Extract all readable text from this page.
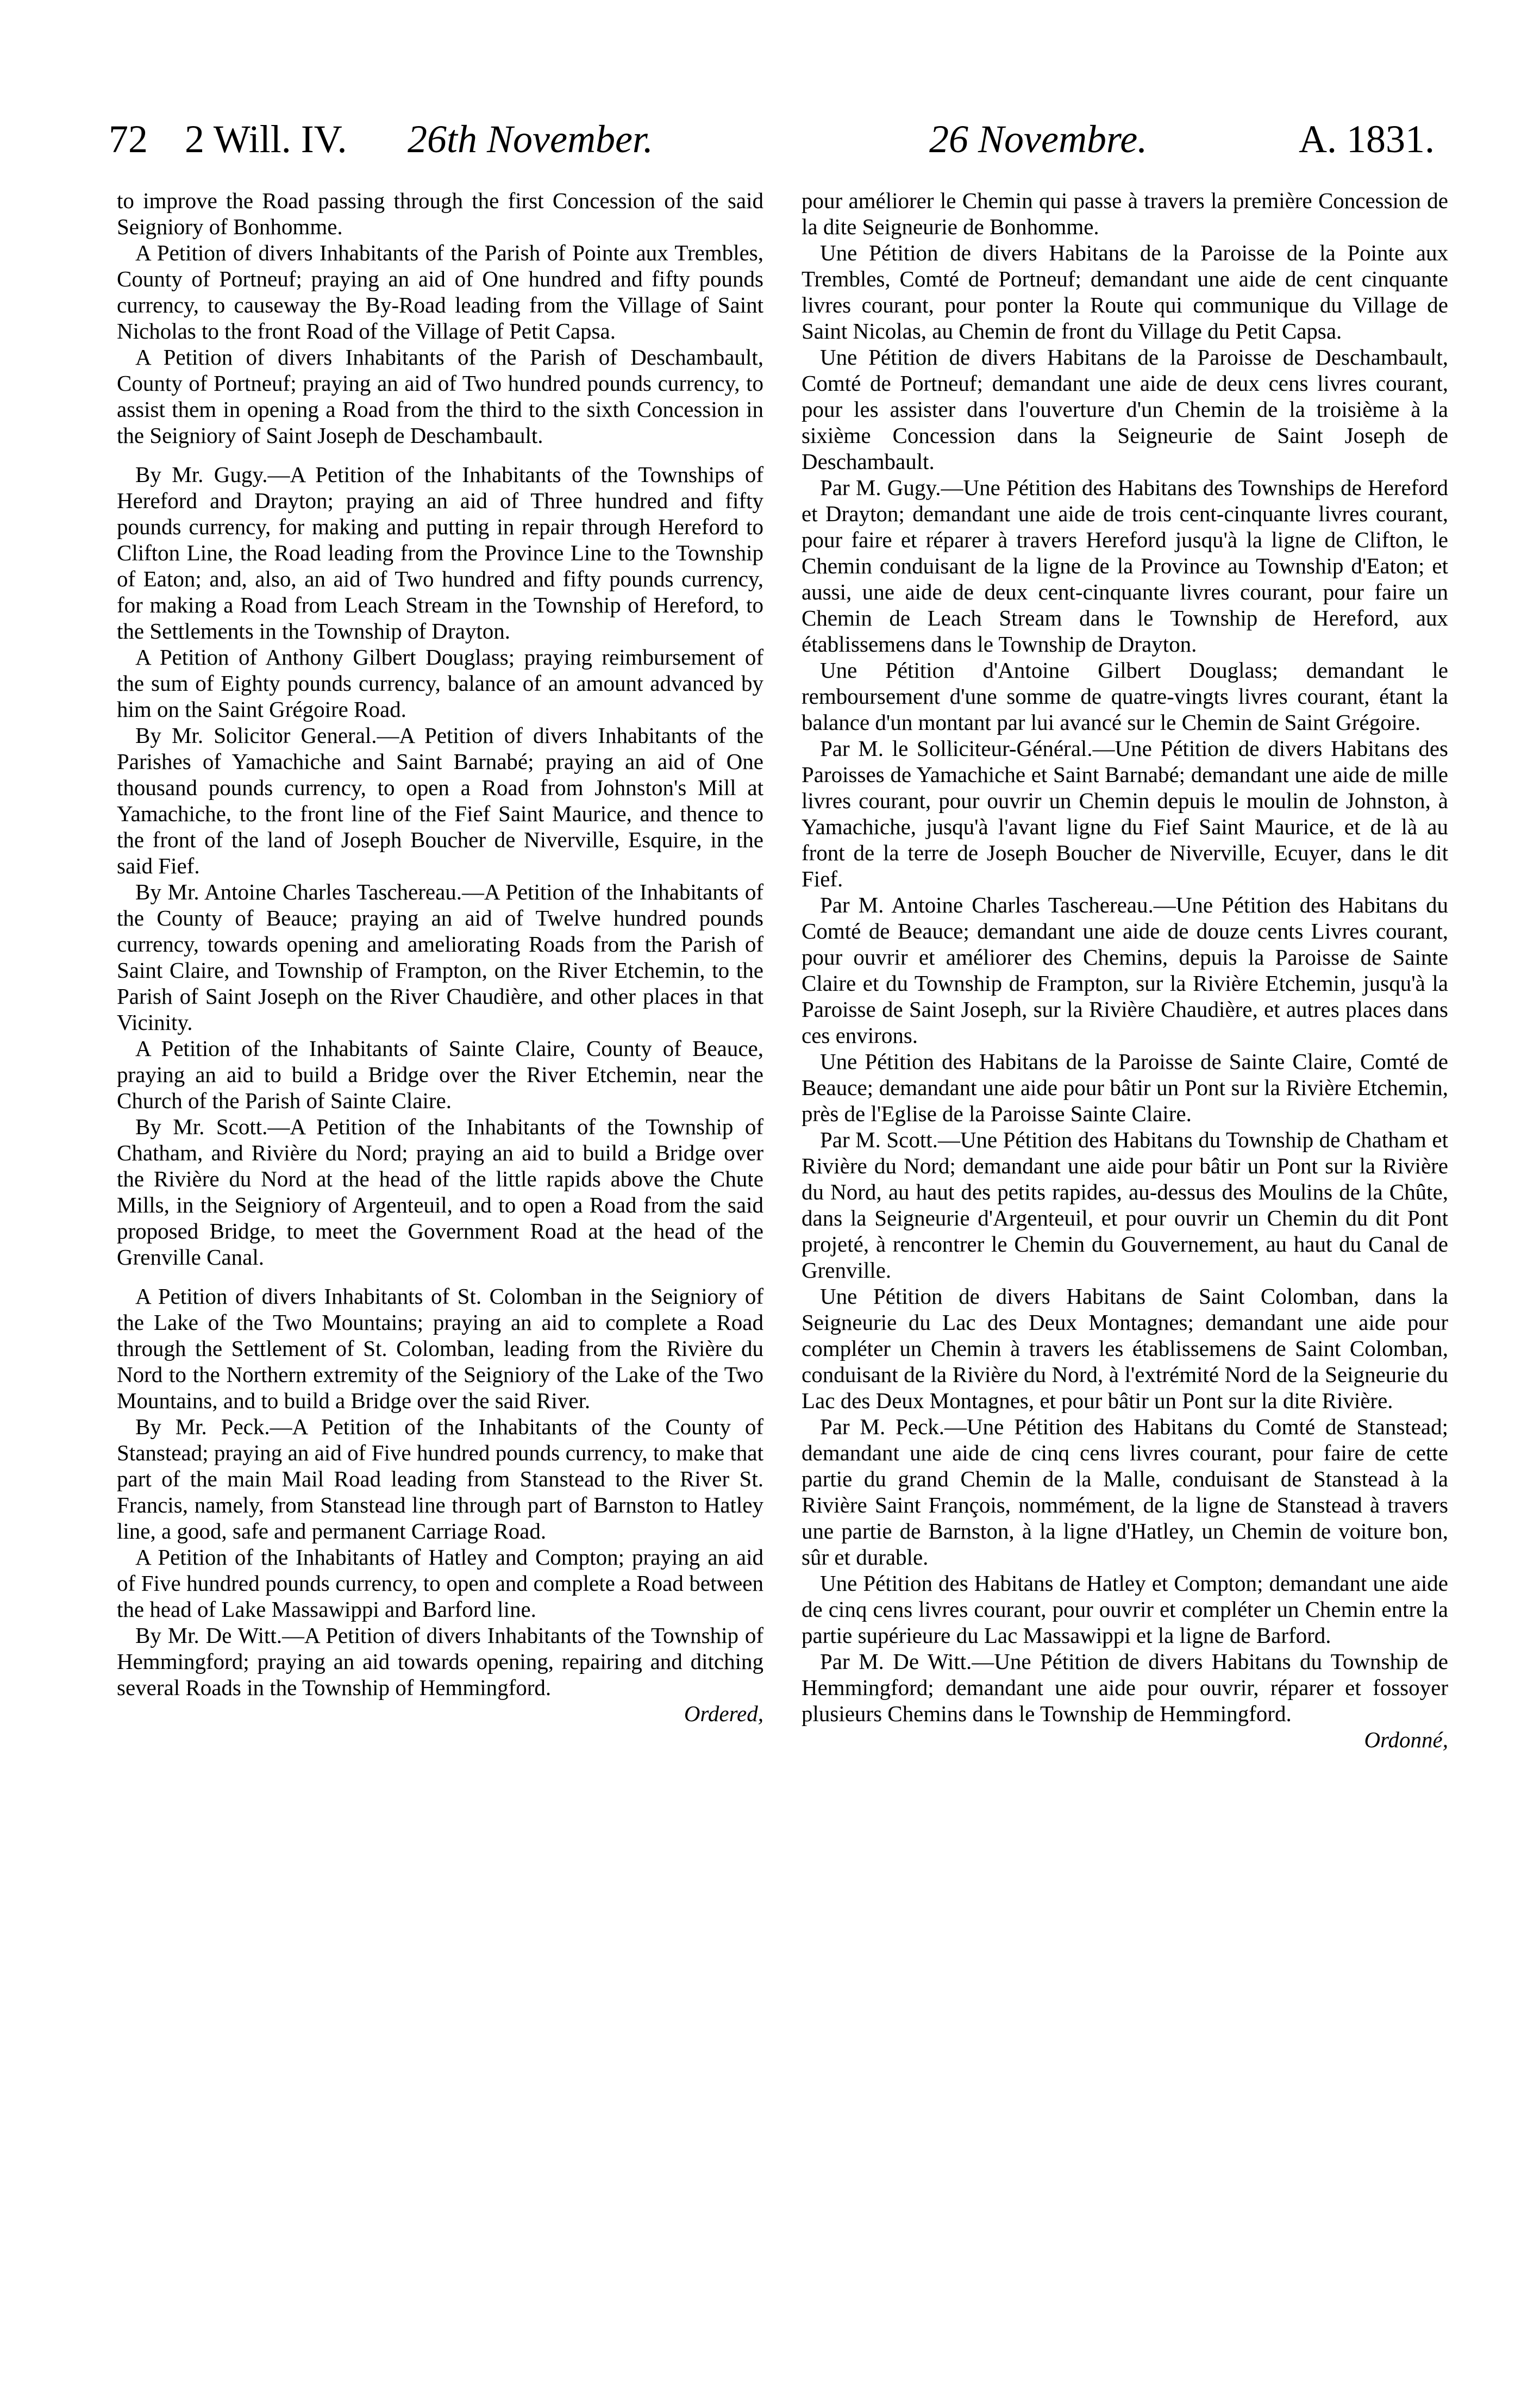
72 2 Will. IV. 26th November.	26 Novembre.	A. 1831.

to improve the Road passing through the first Concession of the said Seigniory of Bonhomme.

A Petition of divers Inhabitants of the Parish of Pointe aux Trembles, County of Portneuf; praying an aid of One hundred and fifty pounds currency, to causeway the By-Road leading from the Village of Saint Nicholas to the front Road of the Village of Petit Capsa.

A Petition of divers Inhabitants of the Parish of Deschambault, County of Portneuf; praying an aid of Two hundred pounds currency, to assist them in opening a Road from the third to the sixth Concession in the Seigniory of Saint Joseph de Deschambault.

By Mr. Gugy.—A Petition of the Inhabitants of the Townships of Hereford and Drayton; praying an aid of Three hundred and fifty pounds currency, for making and putting in repair through Hereford to Clifton Line, the Road leading from the Province Line to the Township of Eaton; and, also, an aid of Two hundred and fifty pounds currency, for making a Road from Leach Stream in the Township of Hereford, to the Settlements in the Township of Drayton.

A Petition of Anthony Gilbert Douglass; praying reimbursement of the sum of Eighty pounds currency, balance of an amount advanced by him on the Saint Grégoire Road.

By Mr. Solicitor General.—A Petition of divers Inhabitants of the Parishes of Yamachiche and Saint Barnabé; praying an aid of One thousand pounds currency, to open a Road from Johnston's Mill at Yamachiche, to the front line of the Fief Saint Maurice, and thence to the front of the land of Joseph Boucher de Niverville, Esquire, in the said Fief.

By Mr. Antoine Charles Taschereau.—A Petition of the Inhabitants of the County of Beauce; praying an aid of Twelve hundred pounds currency, towards opening and ameliorating Roads from the Parish of Saint Claire, and Township of Frampton, on the River Etchemin, to the Parish of Saint Joseph on the River Chaudière, and other places in that Vicinity.

A Petition of the Inhabitants of Sainte Claire, County of Beauce, praying an aid to build a Bridge over the River Etchemin, near the Church of the Parish of Sainte Claire.

By Mr. Scott.—A Petition of the Inhabitants of the Township of Chatham, and Rivière du Nord; praying an aid to build a Bridge over the Rivière du Nord at the head of the little rapids above the Chute Mills, in the Seigniory of Argenteuil, and to open a Road from the said proposed Bridge, to meet the Government Road at the head of the Grenville Canal.

A Petition of divers Inhabitants of St. Colomban in the Seigniory of the Lake of the Two Mountains; praying an aid to complete a Road through the Settlement of St. Colomban, leading from the Rivière du Nord to the Northern extremity of the Seigniory of the Lake of the Two Mountains, and to build a Bridge over the said River.

By Mr. Peck.—A Petition of the Inhabitants of the County of Stanstead; praying an aid of Five hundred pounds currency, to make that part of the main Mail Road leading from Stanstead to the River St. Francis, namely, from Stanstead line through part of Barnston to Hatley line, a good, safe and permanent Carriage Road.

A Petition of the Inhabitants of Hatley and Compton; praying an aid of Five hundred pounds currency, to open and complete a Road between the head of Lake Massawippi and Barford line.

By Mr. De Witt.—A Petition of divers Inhabitants of the Township of Hemmingford; praying an aid towards opening, repairing and ditching several Roads in the Township of Hemmingford.

Ordered,

pour améliorer le Chemin qui passe à travers la première Concession de la dite Seigneurie de Bonhomme.

Une Pétition de divers Habitans de la Paroisse de la Pointe aux Trembles, Comté de Portneuf; demandant une aide de cent cinquante livres courant, pour ponter la Route qui communique du Village de Saint Nicolas, au Chemin de front du Village du Petit Capsa.

Une Pétition de divers Habitans de la Paroisse de Deschambault, Comté de Portneuf; demandant une aide de deux cens livres courant, pour les assister dans l'ouverture d'un Chemin de la troisième à la sixième Concession dans la Seigneurie de Saint Joseph de Deschambault.

Par M. Gugy.—Une Pétition des Habitans des Townships de Hereford et Drayton; demandant une aide de trois cent-cinquante livres courant, pour faire et réparer à travers Hereford jusqu'à la ligne de Clifton, le Chemin conduisant de la ligne de la Province au Township d'Eaton; et aussi, une aide de deux cent-cinquante livres courant, pour faire un Chemin de Leach Stream dans le Township de Hereford, aux établissemens dans le Township de Drayton.

Une Pétition d'Antoine Gilbert Douglass; demandant le remboursement d'une somme de quatre-vingts livres courant, étant la balance d'un montant par lui avancé sur le Chemin de Saint Grégoire.

Par M. le Solliciteur-Général.—Une Pétition de divers Habitans des Paroisses de Yamachiche et Saint Barnabé; demandant une aide de mille livres courant, pour ouvrir un Chemin depuis le moulin de Johnston, à Yamachiche, jusqu'à l'avant ligne du Fief Saint Maurice, et de là au front de la terre de Joseph Boucher de Niverville, Ecuyer, dans le dit Fief.

Par M. Antoine Charles Taschereau.—Une Pétition des Habitans du Comté de Beauce; demandant une aide de douze cents Livres courant, pour ouvrir et améliorer des Chemins, depuis la Paroisse de Sainte Claire et du Township de Frampton, sur la Rivière Etchemin, jusqu'à la Paroisse de Saint Joseph, sur la Rivière Chaudière, et autres places dans ces environs.

Une Pétition des Habitans de la Paroisse de Sainte Claire, Comté de Beauce; demandant une aide pour bâtir un Pont sur la Rivière Etchemin, près de l'Eglise de la Paroisse Sainte Claire.

Par M. Scott.—Une Pétition des Habitans du Township de Chatham et Rivière du Nord; demandant une aide pour bâtir un Pont sur la Rivière du Nord, au haut des petits rapides, au-dessus des Moulins de la Chûte, dans la Seigneurie d'Argenteuil, et pour ouvrir un Chemin du dit Pont projeté, à rencontrer le Chemin du Gouvernement, au haut du Canal de Grenville.

Une Pétition de divers Habitans de Saint Colomban, dans la Seigneurie du Lac des Deux Montagnes; demandant une aide pour compléter un Chemin à travers les établissemens de Saint Colomban, conduisant de la Rivière du Nord, à l'extrémité Nord de la Seigneurie du Lac des Deux Montagnes, et pour bâtir un Pont sur la dite Rivière.

Par M. Peck.—Une Pétition des Habitans du Comté de Stanstead; demandant une aide de cinq cens livres courant, pour faire de cette partie du grand Chemin de la Malle, conduisant de Stanstead à la Rivière Saint François, nommément, de la ligne de Stanstead à travers une partie de Barnston, à la ligne d'Hatley, un Chemin de voiture bon, sûr et durable.

Une Pétition des Habitans de Hatley et Compton; demandant une aide de cinq cens livres courant, pour ouvrir et compléter un Chemin entre la partie supérieure du Lac Massawippi et la ligne de Barford.

Par M. De Witt.—Une Pétition de divers Habitans du Township de Hemmingford; demandant une aide pour ouvrir, réparer et fossoyer plusieurs Chemins dans le Township de Hemmingford.

Ordonné,
